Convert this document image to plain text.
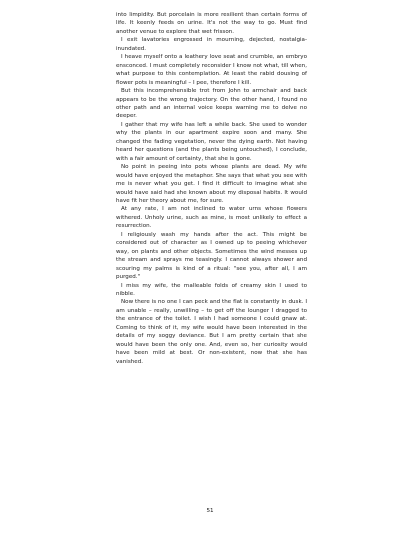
into limpidity. But porcelain is more resilient than certain forms of life. It keenly feeds on urine. It's not the way to go. Must find another venue to explore that wet frisson.

I exit lavatories engrossed in mourning, dejected, nostalgia-inundated.

I heave myself onto a leathery love seat and crumble, an embryo ensconced. I must completely reconsider I know not what, till when, what purpose to this contemplation. At least the rabid dousing of flower pots is meaningful – I pee, therefore I kill.

But this incomprehensible trot from John to armchair and back appears to be the wrong trajectory. On the other hand, I found no other path and an internal voice keeps warning me to delve no deeper.

I gather that my wife has left a while back. She used to wonder why the plants in our apartment expire soon and many. She changed the fading vegetation, never the dying earth. Not having heard her questions (and the plants being untouched), I conclude, with a fair amount of certainty, that she is gone.

No point in peeing into pots whose plants are dead. My wife would have enjoyed the metaphor. She says that what you see with me is never what you get. I find it difficult to imagine what she would have said had she known about my disposal habits. It would have fit her theory about me, for sure.

At any rate, I am not inclined to water urns whose flowers withered. Unholy urine, such as mine, is most unlikely to effect a resurrection.

I religiously wash my hands after the act. This might be considered out of character as I owned up to peeing whichever way, on plants and other objects. Sometimes the wind messes up the stream and sprays me teasingly. I cannot always shower and scouring my palms is kind of a ritual: "see you, after all, I am purged."

I miss my wife, the malleable folds of creamy skin I used to nibble.

Now there is no one I can peck and the flat is constantly in dusk. I am unable – really, unwilling – to get off the lounger I dragged to the entrance of the toilet. I wish I had someone I could gnaw at. Coming to think of it, my wife would have been interested in the details of my soggy deviance. But I am pretty certain that she would have been the only one. And, even so, her curiosity would have been mild at best. Or non-existent, now that she has vanished.

51
